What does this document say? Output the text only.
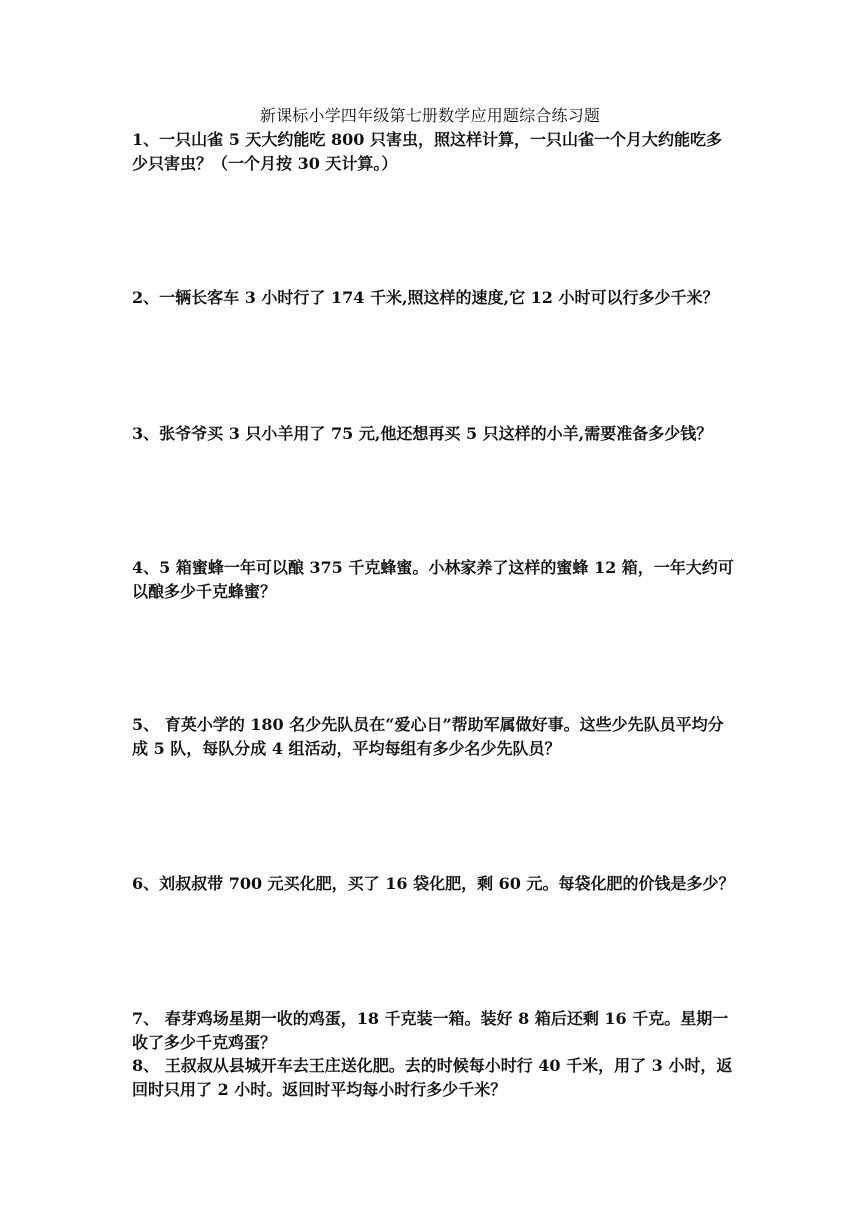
新课标小学四年级第七册数学应用题综合练习题
1、一只山雀 5 天大约能吃 800 只害虫，照这样计算，一只山雀一个月大约能吃多少只害虫？（一个月按 30 天计算。）
2、一辆长客车 3 小时行了 174 千米,照这样的速度,它 12 小时可以行多少千米？
3、张爷爷买 3 只小羊用了 75 元,他还想再买 5 只这样的小羊,需要准备多少钱？
4、5 箱蜜蜂一年可以酿 375 千克蜂蜜。小林家养了这样的蜜蜂 12 箱，一年大约可以酿多少千克蜂蜜？
5、 育英小学的 180 名少先队员在“爱心日”帮助军属做好事。这些少先队员平均分成 5 队，每队分成 4 组活动，平均每组有多少名少先队员？
6、刘叔叔带 700 元买化肥，买了 16 袋化肥，剩 60 元。每袋化肥的价钱是多少？
7、 春芽鸡场星期一收的鸡蛋，18 千克装一箱。装好 8 箱后还剩 16 千克。星期一收了多少千克鸡蛋？
8、 王叔叔从县城开车去王庄送化肥。去的时候每小时行 40 千米，用了 3 小时，返回时只用了 2 小时。返回时平均每小时行多少千米？
